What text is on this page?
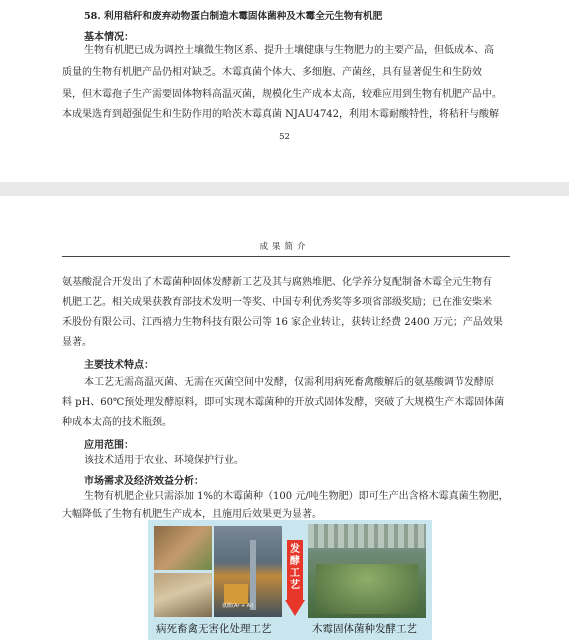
58. 利用秸秆和废弃动物蛋白制造木霉固体菌种及木霉全元生物有机肥
基本情况：
生物有机肥已成为调控土壤微生物区系、提升土壤健康与生物肥力的主要产品，但低成本、高
质量的生物有机肥产品仍相对缺乏。木霉真菌个体大、多细胞、产菌丝，具有显著促生和生防效
果，但木霉孢子生产需要固体物料高温灭菌，规模化生产成本太高，较难应用到生物有机肥产品中。
本成果选育到超强促生和生防作用的哈茨木霉真菌 NJAU4742，利用木霉耐酸特性，将秸秆与酸解
52
成果简介
氨基酸混合开发出了木霉菌种固体发酵新工艺及其与腐熟堆肥、化学养分复配制备木霉全元生物有
机肥工艺。相关成果获教育部技术发明一等奖、中国专利优秀奖等多项省部级奖励；已在淮安柴米
禾股份有限公司、江西禧力生物科技有限公司等 16 家企业转让，获转让经费 2400 万元；产品效果
显著。
主要技术特点：
本工艺无需高温灭菌、无需在灭菌空间中发酵，仅需利用病死畜禽酸解后的氨基酸调节发酵原
料 pH、60℃预处理发酵原料，即可实现木霉菌种的开放式固体发酵，突破了大规模生产木霉固体菌
种成本太高的技术瓶颈。
应用范围：
该技术适用于农业、环境保护行业。
市场需求及经济效益分析：
生物有机肥企业只需添加 1%的木霉菌种（100 元/吨生物肥）即可生产出含格木霉真菌生物肥，
大幅降低了生物有机肥生产成本，且施用后效果更为显著。
氨酸(Ar + Al)
发酵工艺
病死畜禽无害化处理工艺	木霉固体菌种发酵工艺
